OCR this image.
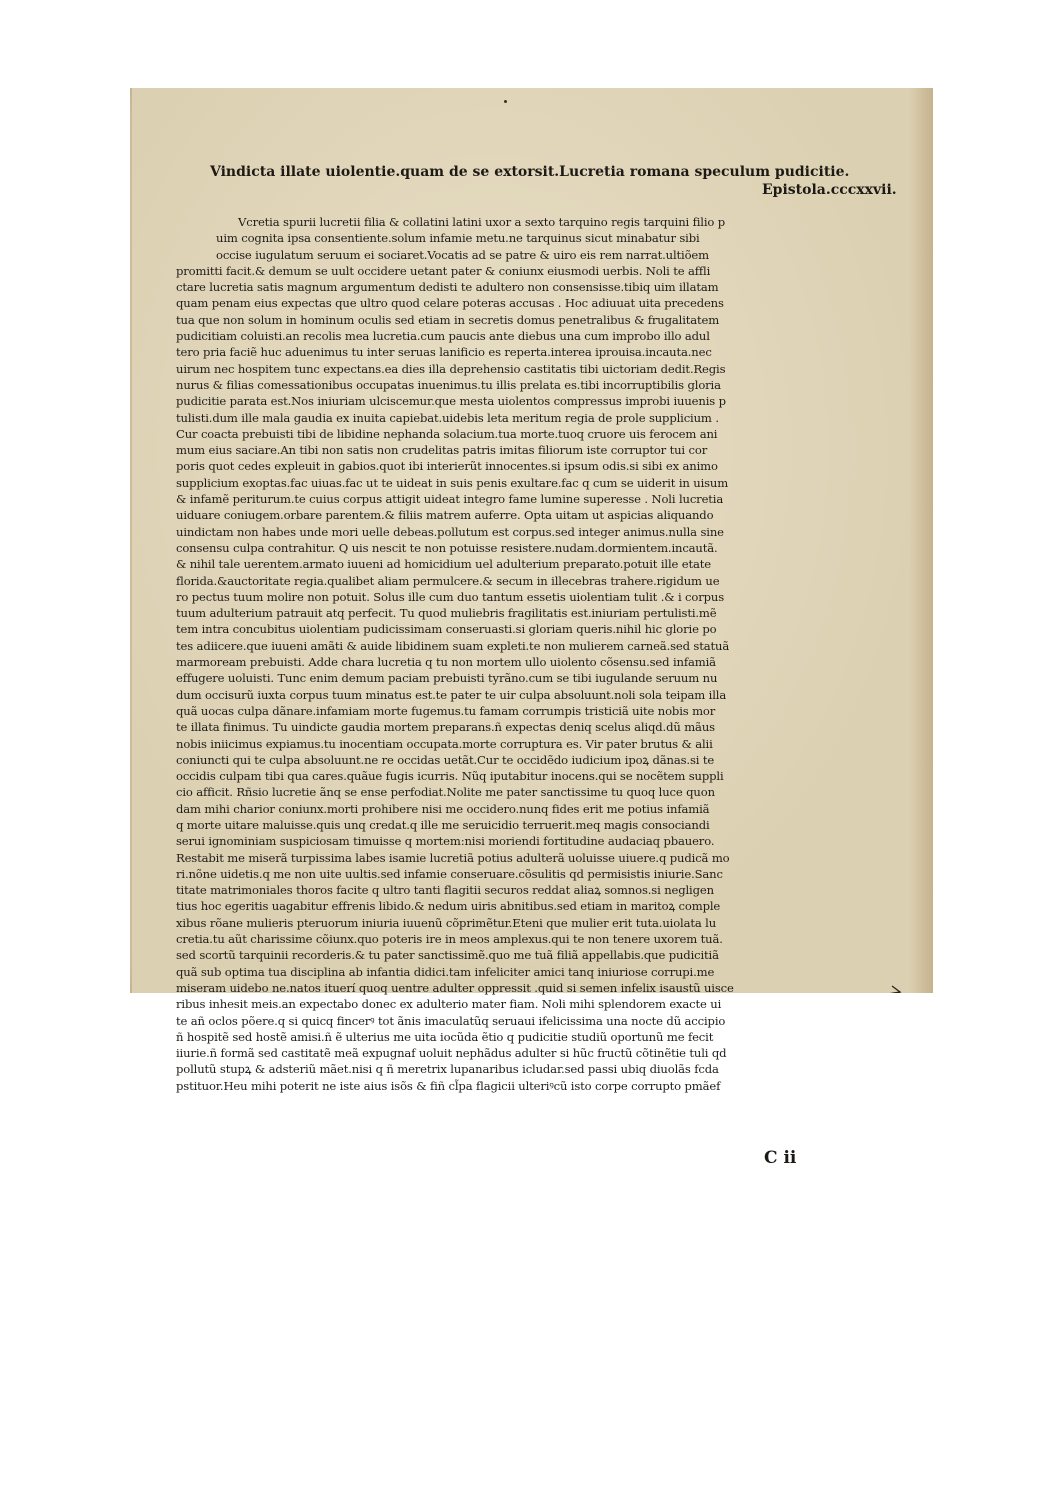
Vindicta illate uiolentie.quam de se extorsit.Lucretia romana speculum pudicitie.
Epistola.cccxxvii.
Vcretia spurii lucretii filia & collatini latini uxor a sexto tarquino regis tarquini filio p
uim cognita ipsa consentiente.solum infamie metu.ne tarquinus sicut minabatur sibi
occise iugulatum seruum ei sociaret.Vocatis ad se patre & uiro eis rem narrat.ultiõem
promitti facit.& demum se uult occidere uetant pater & coniunx eiusmodi uerbis. Noli te affli
ctare lucretia satis magnum argumentum dedisti te adultero non consensisse.tibiq uim illatam
quam penam eius expectas que ultro quod celare poteras accusas . Hoc adiuuat uita precedens
tua que non solum in hominum oculis sed etiam in secretis domus penetralibus & frugalitatem
pudicitiam coluisti.an recolis mea lucretia.cum paucis ante diebus una cum improbo illo adul
tero pria faciẽ huc aduenimus tu inter seruas lanificio es reperta.interea iprouisa.incauta.nec
uirum nec hospitem tunc expectans.ea dies illa deprehensio castitatis tibi uictoriam dedit.Regis
nurus & filias comessationibus occupatas inuenimus.tu illis prelata es.tibi incorruptibilis gloria
pudicitie parata est.Nos iniuriam ulciscemur.que mesta uiolentos compressus improbi iuuenis p
tulisti.dum ille mala gaudia ex inuita capiebat.uidebis leta meritum regia de prole supplicium .
Cur coacta prebuisti tibi de libidine nephanda solacium.tua morte.tuoq cruore uis ferocem ani
mum eius saciare.An tibi non satis non crudelitas patris imitas filiorum iste corruptor tui cor
poris quot cedes expleuit in gabios.quot ibi interierũt innocentes.si ipsum odis.si sibi ex animo
supplicium exoptas.fac uiuas.fac ut te uideat in suis penis exultare.fac q cum se uiderit in uisum
& infamẽ periturum.te cuius corpus attigit uideat integro fame lumine superesse . Noli lucretia
uiduare coniugem.orbare parentem.& filiis matrem auferre. Opta uitam ut aspicias aliquando
uindictam non habes unde mori uelle debeas.pollutum est corpus.sed integer animus.nulla sine
consensu culpa contrahitur. Q uis nescit te non potuisse resistere.nudam.dormientem.incautã.
& nihil tale uerentem.armato iuueni ad homicidium uel adulterium preparato.potuit ille etate
florida.&auctoritate regia.qualibet aliam permulcere.& secum in illecebras trahere.rigidum ue
ro pectus tuum molire non potuit. Solus ille cum duo tantum essetis uiolentiam tulit .& i corpus
tuum adulterium patrauit atq perfecit. Tu quod muliebris fragilitatis est.iniuriam pertulisti.mẽ
tem intra concubitus uiolentiam pudicissimam conseruasti.si gloriam queris.nihil hic glorie po
tes adiicere.que iuueni amãti & auide libidinem suam expleti.te non mulierem carneã.sed statuã
marmoream prebuisti. Adde chara lucretia q tu non mortem ullo uiolento cõsensu.sed infamiã
effugere uoluisti. Tunc enim demum paciam prebuisti tyrãno.cum se tibi iugulande seruum nu
dum occisurũ iuxta corpus tuum minatus est.te pater te uir culpa absoluunt.noli sola teipam illa
quã uocas culpa dãnare.infamiam morte fugemus.tu famam corrumpis tristiciã uite nobis mor
te illata finimus. Tu uindicte gaudia mortem preparans.ñ expectas deniq scelus aliqd.dũ mãus
nobis iniicimus expiamus.tu inocentiam occupata.morte corruptura es. Vir pater brutus & alii
coniuncti qui te culpa absoluunt.ne re occidas uetãt.Cur te occidẽdo iudicium ipoꝝ dãnas.si te
occidis culpam tibi qua cares.quãue fugis icurris. Nũq iputabitur inocens.qui se nocẽtem suppli
cio afficit. Rñsio lucretie ãnq se ense perfodiat.Nolite me pater sanctissime tu quoq luce quon
dam mihi charior coniunx.morti prohibere nisi me occidero.nunq fides erit me potius infamiã
q morte uitare maluisse.quis unq credat.q ille me seruicidio terruerit.meq magis consociandi
serui ignominiam suspiciosam timuisse q mortem:nisi moriendi fortitudine audaciaq pbauero.
Restabit me miserã turpissima labes isamie lucretiã potius adulterã uoluisse uiuere.q pudicã mo
ri.nõne uidetis.q me non uite uultis.sed infamie conseruare.cõsulitis qd permisistis iniurie.Sanc
titate matrimoniales thoros facite q ultro tanti flagitii securos reddat aliaꝝ somnos.si negligen
tius hoc egeritis uagabitur effrenis libido.& nedum uiris abnitibus.sed etiam in maritoꝝ comple
xibus rõane mulieris pteruorum iniuria iuuenũ cõprimẽtur.Eteni que mulier erit tuta.uiolata lu
cretia.tu aũt charissime cõiunx.quo poteris ire in meos amplexus.qui te non tenere uxorem tuã.
sed scortũ tarquinii recorderis.& tu pater sanctissimẽ.quo me tuã filiã appellabis.que pudicitiã
quã sub optima tua disciplina ab infantia didici.tam infeliciter amici tanq iniuriose corrupi.me
miseram uidebo ne.natos ituerí quoq uentre adulter oppressit .quid si semen infelix isaustũ uisce
ribus inhesit meis.an expectabo donec ex adulterio mater fiam. Noli mihi splendorem exacte ui
te añ oclos põere.q si quicq fincerꝰ tot ãnis imaculatũq seruaui ifelicissima una nocte dũ accipio
ñ hospitẽ sed hostẽ amisi.ñ ẽ ulterius me uita iocũda ẽtio q pudicitie studiũ oportunũ me fecit
iiurie.ñ formã sed castitatẽ meã expugnaf uoluit nephãdus adulter si hũc fructũ cõtinẽtie tuli qd
pollutũ stupꝝ & adsteriũ mãet.nisi q ñ meretrix lupanaribus icludar.sed passi ubiq diuolãs fcda
pstituor.Heu mihi poterit ne iste aius isõs & fiñ cl̃pa flagicii ulteriꝰcũ isto corpe corrupto pmãef
C ii
